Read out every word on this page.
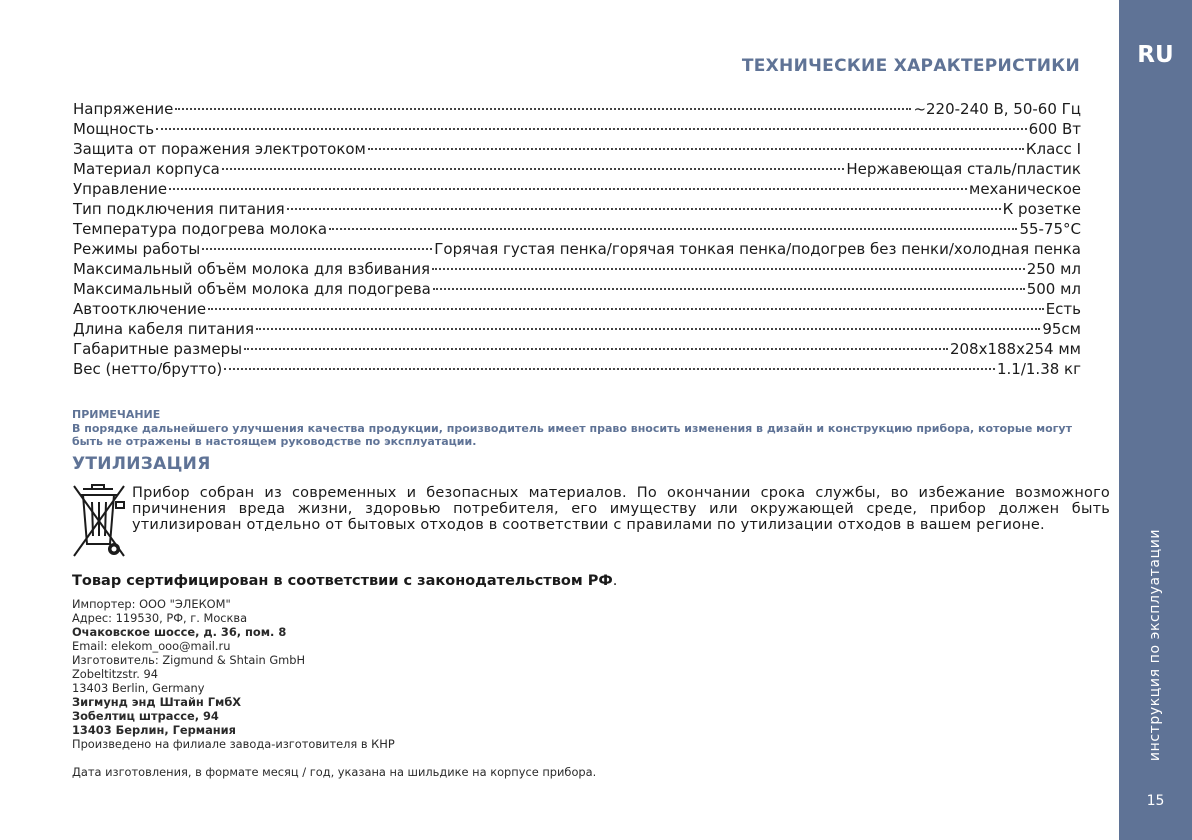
RU
инструкция по эксплуатации
15
ТЕХНИЧЕСКИЕ ХАРАКТЕРИСТИКИ
Напряжение	~220-240 В, 50-60 Гц
Мощность	600 Вт
Защита от поражения электротоком	Класс I
Материал корпуса	Нержавеющая сталь/пластик
Управление	механическое
Тип подключения питания	К розетке
Температура подогрева молока	55-75°С
Режимы работы	Горячая густая пенка/горячая тонкая пенка/подогрев без пенки/холодная пенка
Максимальный объём молока для взбивания	250 мл
Максимальный объём молока для подогрева	500 мл
Автоотключение	Есть
Длина кабеля питания	95см
Габаритные размеры	208х188х254 мм
Вес (нетто/брутто)	1.1/1.38 кг
ПРИМЕЧАНИЕ
В порядке дальнейшего улучшения качества продукции, производитель имеет право вносить изменения в дизайн и конструкцию прибора, которые могут быть не отражены в настоящем руководстве по эксплуатации.
УТИЛИЗАЦИЯ
Прибор собран из современных и безопасных материалов. По окончании срока службы, во избежание возможного причинения вреда жизни, здоровью потребителя, его имуществу или окружающей среде, прибор должен быть утилизирован отдельно от бытовых отходов в соответствии с правилами по утилизации отходов в вашем регионе.
Товар сертифицирован в соответствии с законодательством РФ.
Импортер: ООО "ЭЛЕКОМ"
Адрес: 119530, РФ, г. Москва
Очаковское шоссе, д. 36, пом. 8
Email: elekom_ooo@mail.ru
Изготовитель: Zigmund & Shtain GmbH
Zobeltitzstr. 94
13403 Berlin, Germany
Зигмунд энд Штайн ГмбХ
Зобелтиц штрассе, 94
13403 Берлин, Германия
Произведено на филиале завода-изготовителя в КНР
Дата изготовления, в формате месяц / год, указана на шильдике на корпусе прибора.
